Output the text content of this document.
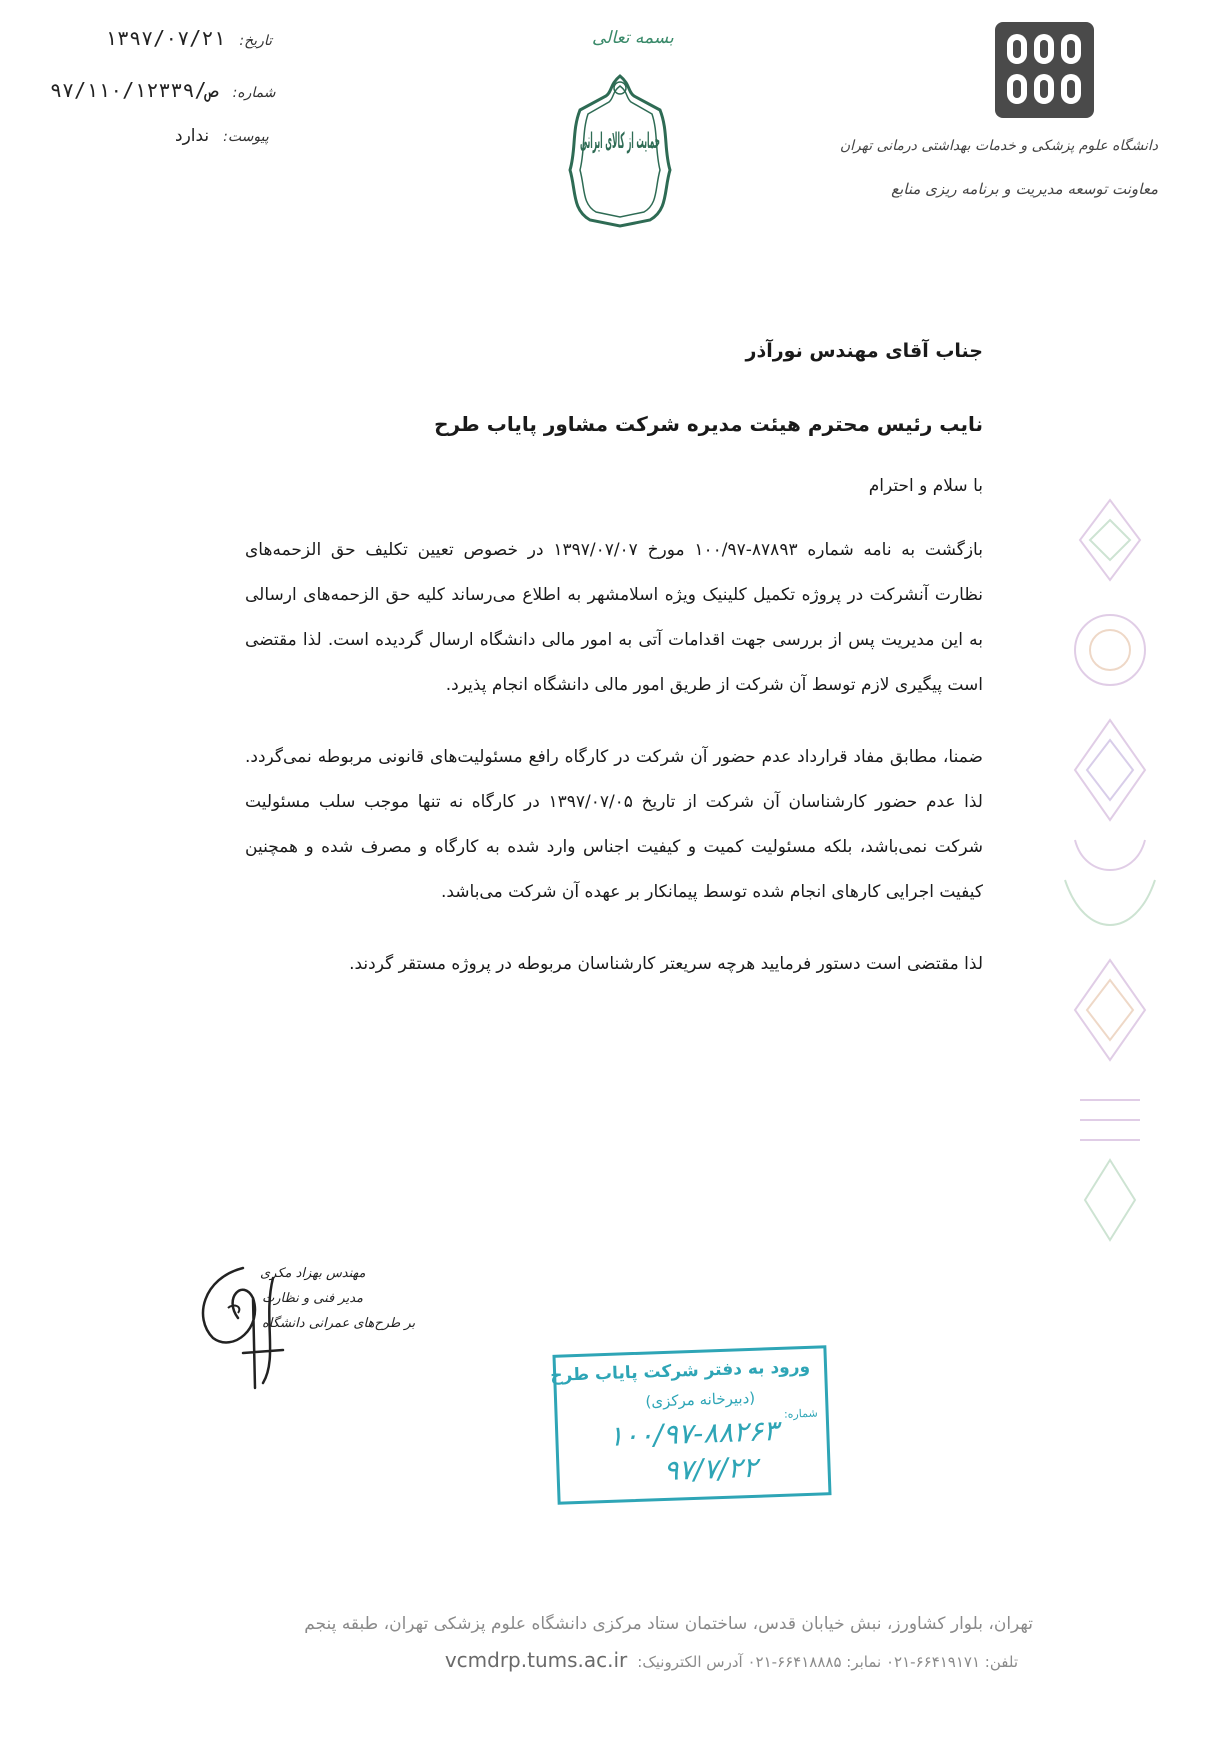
۱۳۹۷/۰۷/۲۱ تاریخ:
۹۷/ص/۱۱۰/۱۲۳۳۹ شماره:
ندارد پیوست:
بسمه تعالی
حمایت از کالای ایرانی	دانشگاه علوم پزشکی و خدمات بهداشتی درمانی تهران
معاونت توسعه مدیریت و برنامه ریزی منابع
جناب آقای مهندس نورآذر
نایب رئیس محترم هیئت مدیره شرکت مشاور پایاب طرح
با سلام و احترام
بازگشت به نامه شماره ۸۷۸۹۳-۱۰۰/۹۷ مورخ ۱۳۹۷/۰۷/۰۷ در خصوص تعیین تکلیف حق الزحمه‌های نظارت آنشرکت در پروژه تکمیل کلینیک ویژه اسلامشهر به اطلاع می‌رساند کلیه حق الزحمه‌های ارسالی به این مدیریت پس از بررسی جهت اقدامات آتی به امور مالی دانشگاه ارسال گردیده است. لذا مقتضی است پیگیری لازم توسط آن شرکت از طریق امور مالی دانشگاه انجام پذیرد.
ضمنا، مطابق مفاد قرارداد عدم حضور آن شرکت در کارگاه رافع مسئولیت‌های قانونی مربوطه نمی‌گردد. لذا عدم حضور کارشناسان آن شرکت از تاریخ ۱۳۹۷/۰۷/۰۵ در کارگاه نه تنها موجب سلب مسئولیت شرکت نمی‌باشد، بلکه مسئولیت کمیت و کیفیت اجناس وارد شده به کارگاه و مصرف شده و همچنین کیفیت اجرایی کارهای انجام شده توسط پیمانکار بر عهده آن شرکت می‌باشد.
لذا مقتضی است دستور فرمایید هرچه سریعتر کارشناسان مربوطه در پروژه مستقر گردند.
مهندس بهزاد مکری
مدیر فنی و نظارت
بر طرح‌های عمرانی دانشگاه
ورود به دفتر شرکت پایاب طرح
(دبیرخانه مرکزی)
شماره:
۱۰۰/۹۷-۸۸۲۶۳
۹۷/۷/۲۲
تهران، بلوار کشاورز، نبش خیابان قدس، ساختمان ستاد مرکزی دانشگاه علوم پزشکی تهران، طبقه پنجم
تلفن: ۶۶۴۱۹۱۷۱-۰۲۱ نمابر: ۶۶۴۱۸۸۸۵-۰۲۱ آدرس الکترونیک:
vcmdrp.tums.ac.ir
